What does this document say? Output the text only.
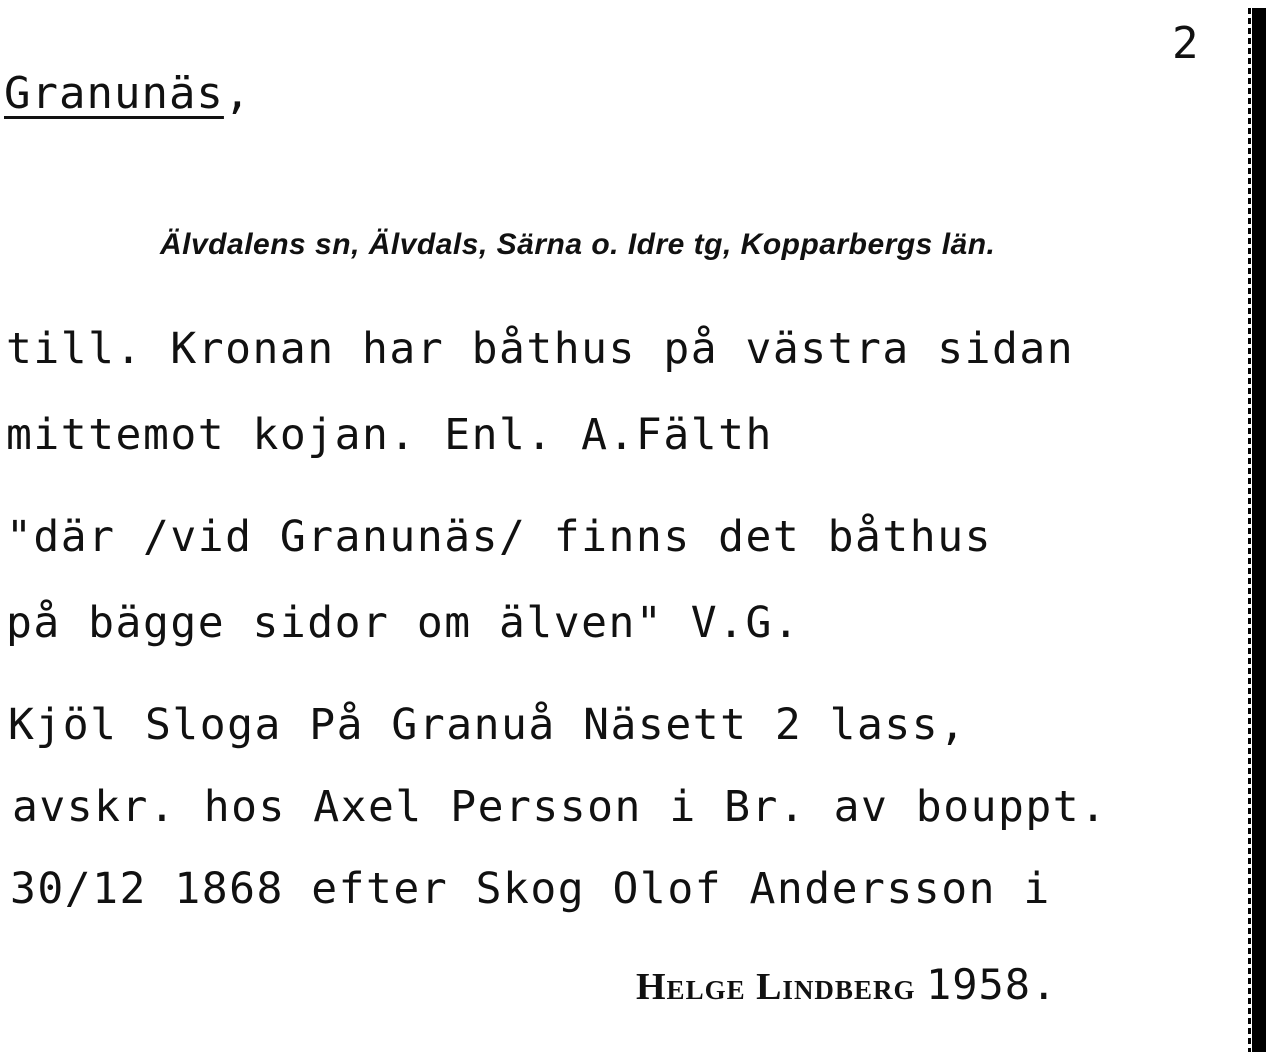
2
Granunäs,
Älvdalens sn, Älvdals, Särna o. Idre tg, Kopparbergs län.
till. Kronan har båthus på västra sidan
mittemot kojan. Enl. A.Fälth
"där /vid Granunäs/ finns det båthus
på bägge sidor om älven" V.G.
Kjöl Sloga På Granuå Näsett 2 lass,
avskr. hos Axel Persson i Br. av bouppt.
30/12 1868 efter Skog Olof Andersson i
Helge Lindberg 1958.
